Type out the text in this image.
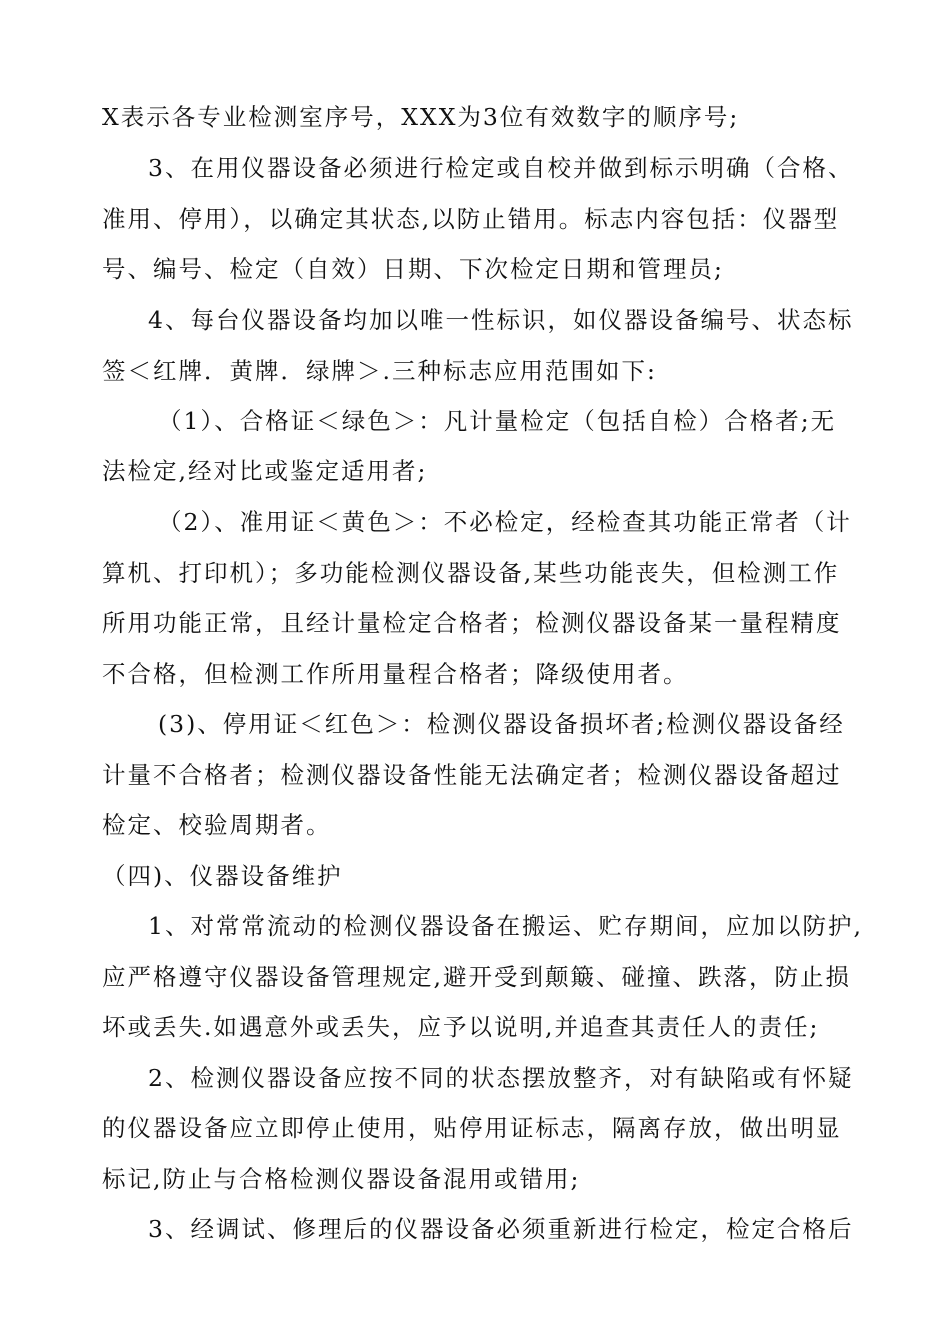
X表示各专业检测室序号，XXX为3位有效数字的顺序号;
3、在用仪器设备必须进行检定或自校并做到标示明确（合格、
准用、停用），以确定其状态,以防止错用。标志内容包括：仪器型
号、编号、检定（自效）日期、下次检定日期和管理员;
4、每台仪器设备均加以唯一性标识，如仪器设备编号、状态标
签＜红牌．黄牌．绿牌＞.三种标志应用范围如下:
（1）、合格证＜绿色＞：凡计量检定（包括自检）合格者;无
法检定,经对比或鉴定适用者;
（2）、准用证＜黄色＞：不必检定，经检查其功能正常者（计
算机、打印机）；多功能检测仪器设备,某些功能丧失，但检测工作
所用功能正常，且经计量检定合格者；检测仪器设备某一量程精度
不合格，但检测工作所用量程合格者；降级使用者。
(3)、停用证＜红色＞：检测仪器设备损坏者;检测仪器设备经
计量不合格者；检测仪器设备性能无法确定者；检测仪器设备超过
检定、校验周期者。
（四)、仪器设备维护
1、对常常流动的检测仪器设备在搬运、贮存期间，应加以防护,
应严格遵守仪器设备管理规定,避开受到颠簸、碰撞、跌落，防止损
坏或丢失.如遇意外或丢失，应予以说明,并追查其责任人的责任;
2、检测仪器设备应按不同的状态摆放整齐，对有缺陷或有怀疑
的仪器设备应立即停止使用，贴停用证标志，隔离存放，做出明显
标记,防止与合格检测仪器设备混用或错用;
3、经调试、修理后的仪器设备必须重新进行检定，检定合格后
